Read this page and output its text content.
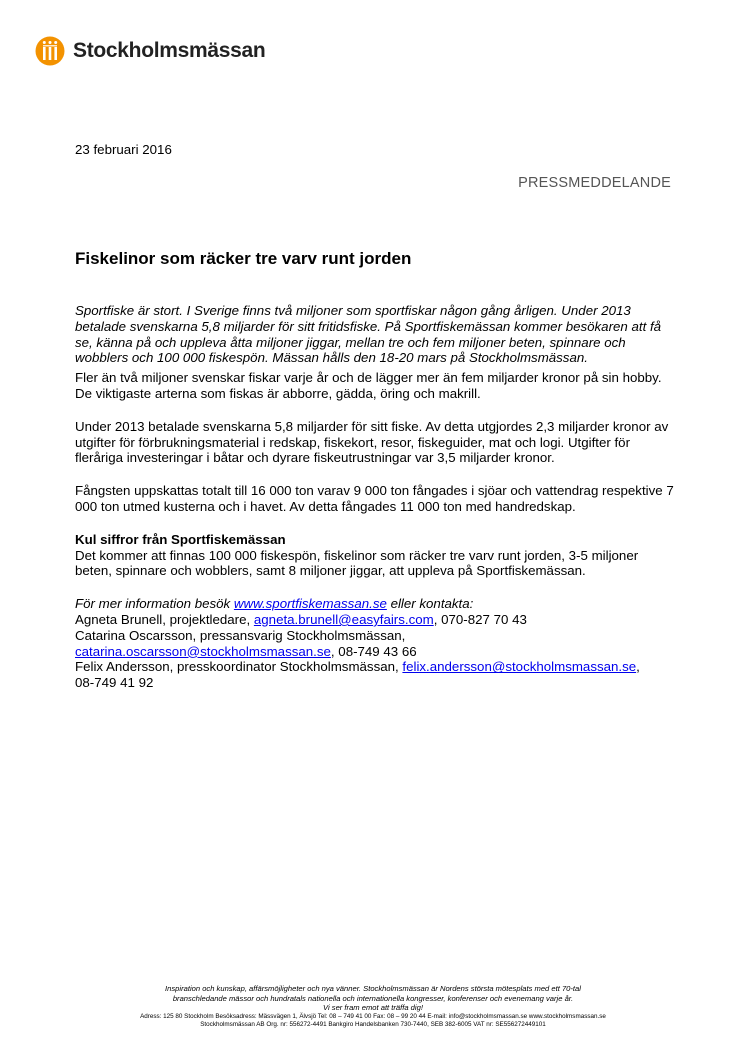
Stockholmsmässan
23 februari 2016
PRESSMEDDELANDE
Fiskelinor som räcker tre varv runt jorden

Sportfiske är stort. I Sverige finns två miljoner som sportfiskar någon gång årligen. Under 2013 betalade svenskarna 5,8 miljarder för sitt fritidsfiske. På Sportfiskemässan kommer besökaren att få se, känna på och uppleva åtta miljoner jiggar, mellan tre och fem miljoner beten, spinnare och wobblers och 100 000 fiskespön. Mässan hålls den 18-20 mars på Stockholmsmässan.

Fler än två miljoner svenskar fiskar varje år och de lägger mer än fem miljarder kronor på sin hobby. De viktigaste arterna som fiskas är abborre, gädda, öring och makrill.

Under 2013 betalade svenskarna 5,8 miljarder för sitt fiske. Av detta utgjordes 2,3 miljarder kronor av utgifter för förbrukningsmaterial i redskap, fiskekort, resor, fiskeguider, mat och logi. Utgifter för fleråriga investeringar i båtar och dyrare fiskeutrustningar var 3,5 miljarder kronor.

Fångsten uppskattas totalt till 16 000 ton varav 9 000 ton fångades i sjöar och vattendrag respektive 7 000 ton utmed kusterna och i havet. Av detta fångades 11 000 ton med handredskap.

Kul siffror från Sportfiskemässan
Det kommer att finnas 100 000 fiskespön, fiskelinor som räcker tre varv runt jorden, 3-5 miljoner beten, spinnare och wobblers, samt 8 miljoner jiggar, att uppleva på Sportfiskemässan.

För mer information besök www.sportfiskemassan.se eller kontakta:
Agneta Brunell, projektledare, agneta.brunell@easyfairs.com, 070-827 70 43
Catarina Oscarsson, pressansvarig Stockholmsmässan,
catarina.oscarsson@stockholmsmassan.se, 08-749 43 66
Felix Andersson, presskoordinator Stockholmsmässan, felix.andersson@stockholmsmassan.se,
08-749 41 92
Inspiration och kunskap, affärsmöjligheter och nya vänner. Stockholmsmässan är Nordens största mötesplats med ett 70-tal
branschledande mässor och hundratals nationella och internationella kongresser, konferenser och evenemang varje år.
Vi ser fram emot att träffa dig!
Adress: 125 80 Stockholm Besöksadress: Mässvägen 1, Älvsjö Tel: 08 – 749 41 00 Fax: 08 – 99 20 44 E-mail: info@stockholmsmassan.se www.stockholmsmassan.se
Stockholmsmässan AB Org. nr: 556272-4491 Bankgiro Handelsbanken 730-7440, SEB 382-6005 VAT nr: SE556272449101
